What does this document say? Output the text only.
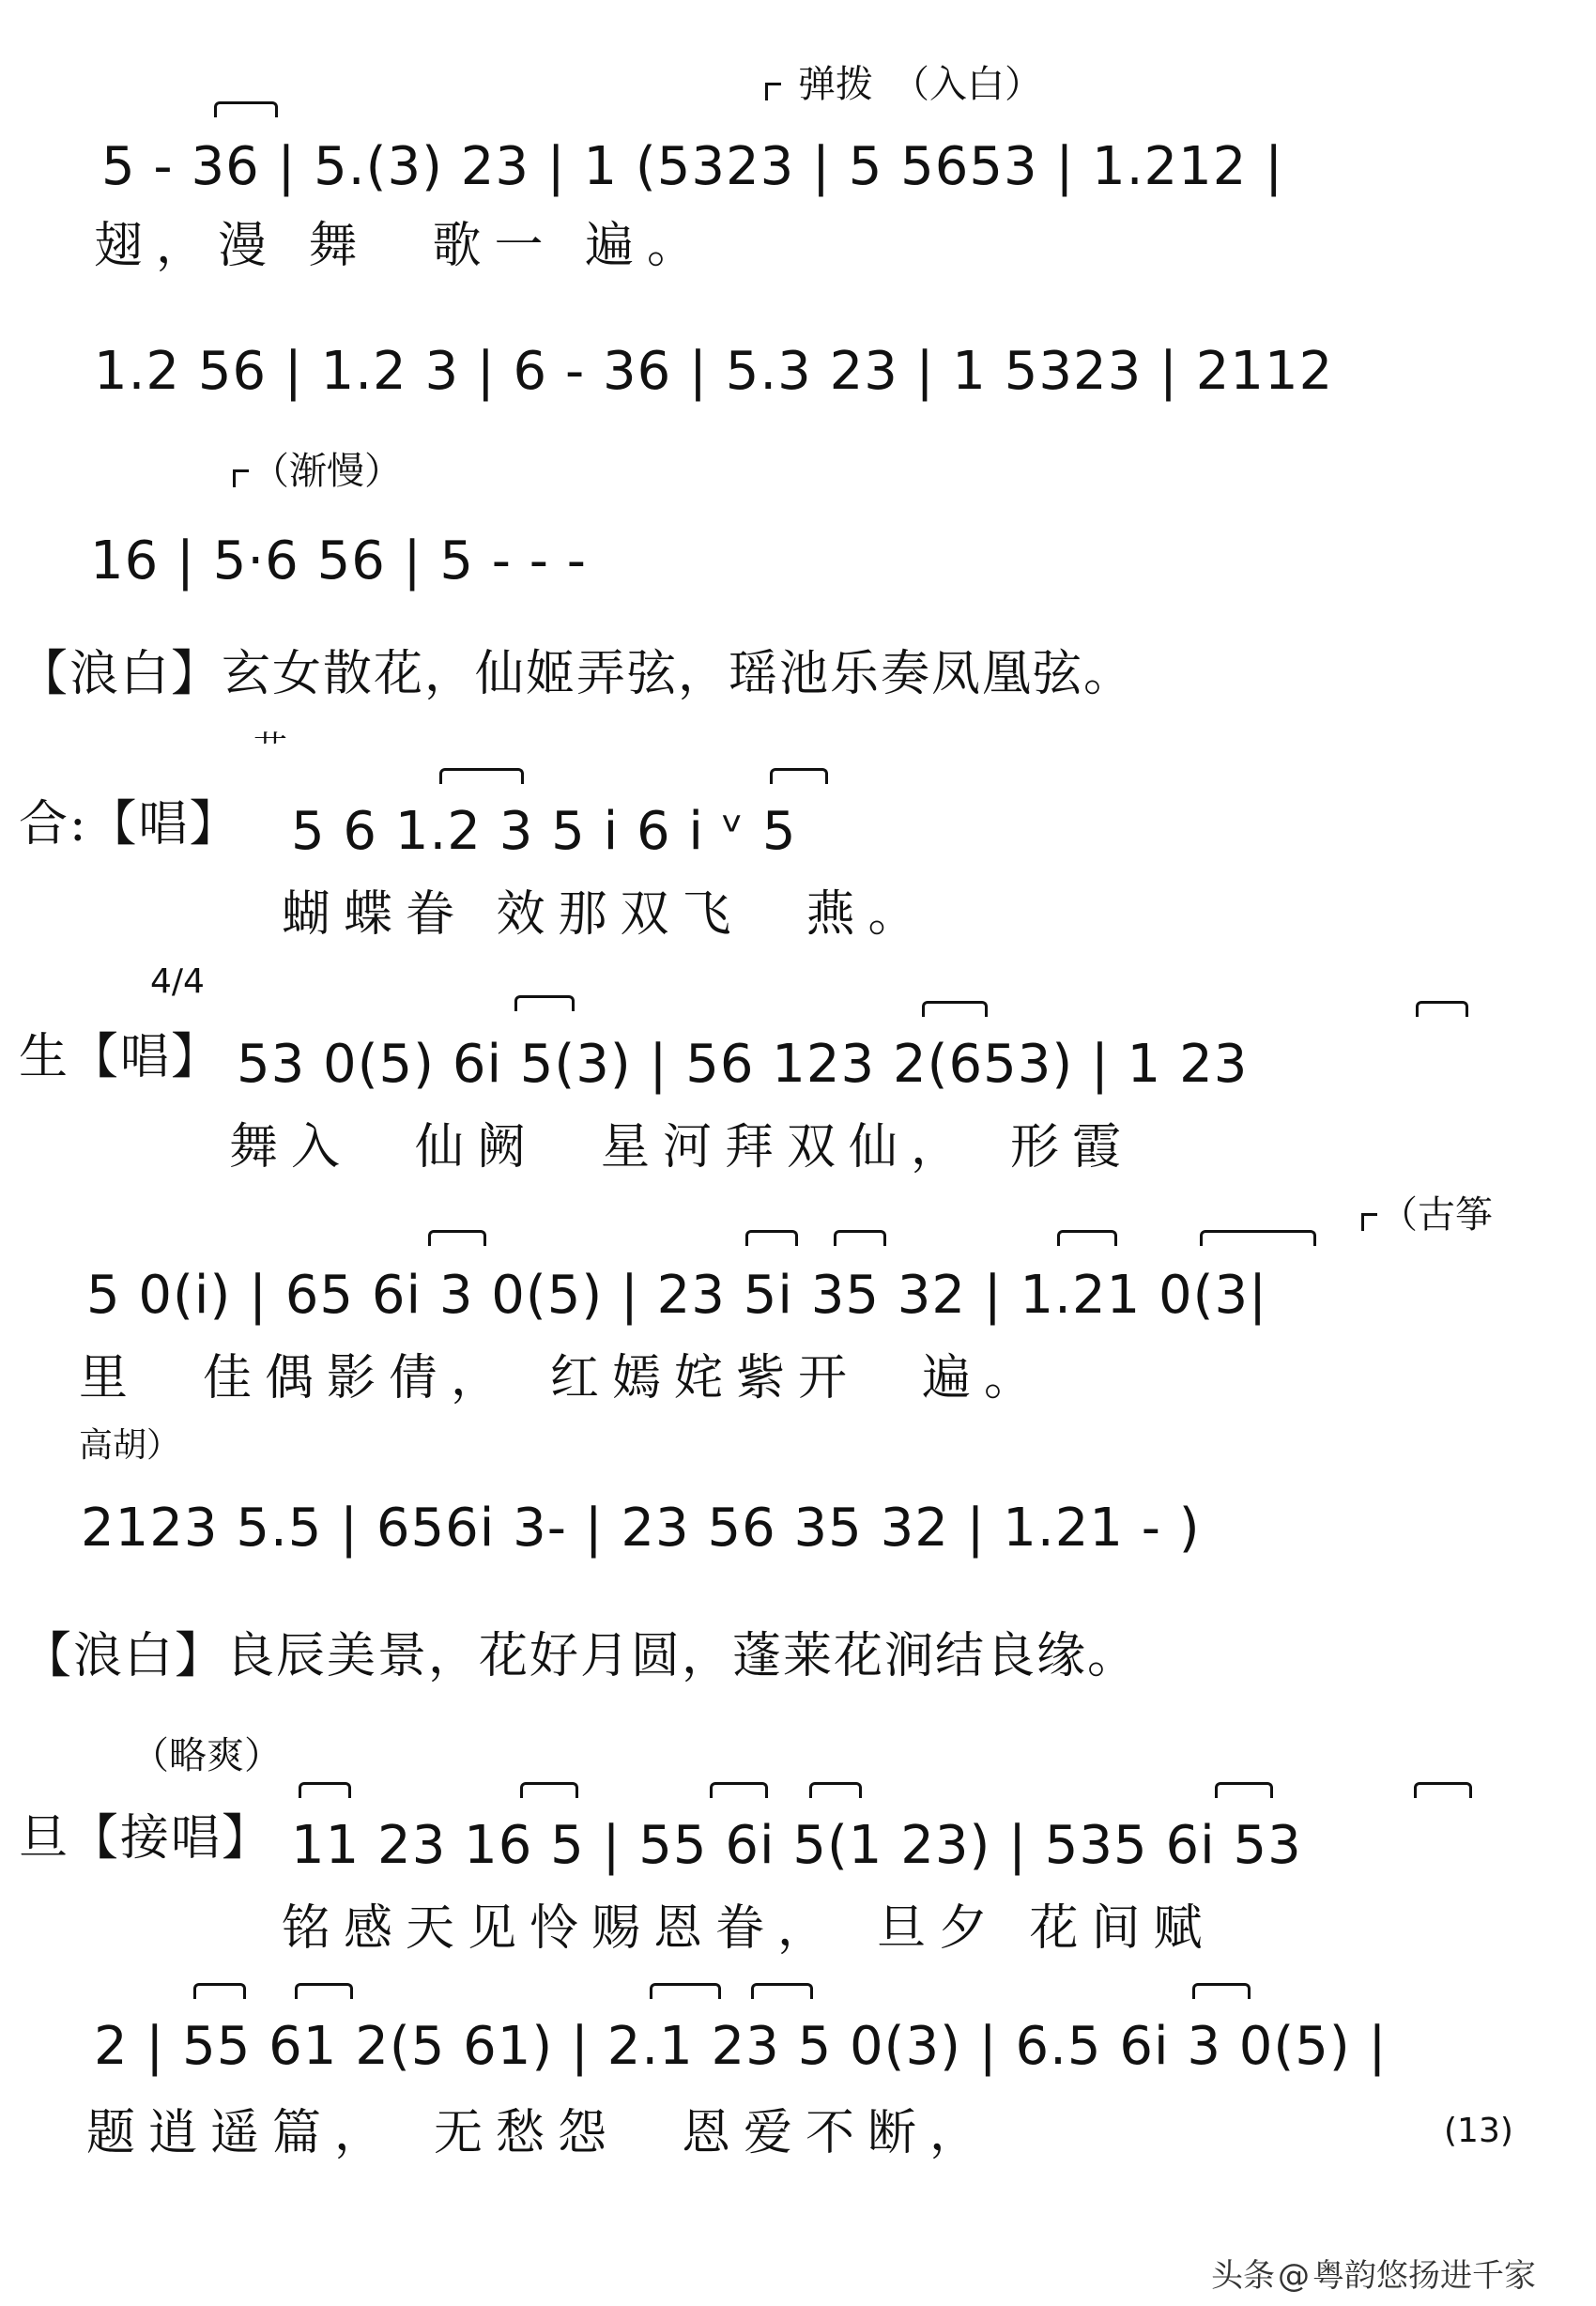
弹拨　（入白）
5 - 36 | 5.(3) 23 | 1 (5323 | 5 5653 | 1.212 |
翅，漫 舞　歌一 遍。
1.2 56 | 1.2 3 | 6 - 36 | 5.3 23 | 1 5323 | 2112
（渐慢）
16 | 5·6 56 | 5 - - -
【浪白】玄女散花，仙姬弄弦，瑶池乐奏凤凰弦。
艹
合:【唱】 5 6 1.2 3 5 i 6 i ᵛ 5
蝴蝶眷 效那双飞　燕。
4/4
生【唱】 53 0(5) 6i 5(3) | 56 123 2(653) | 1 23
舞入　仙阙　星河拜双仙，　形霞
（古筝
5 0(i) | 65 6i 3 0(5) | 23 5i 35 32 | 1.21 0(3|
里　佳偶影倩，　红嫣姹紫开　遍。
高胡）
2123 5.5 | 656i 3- | 23 56 35 32 | 1.21 - )
【浪白】良辰美景，花好月圆，蓬莱花涧结良缘。
（略爽）
旦【接唱】 11 23 16 5 | 55 6i 5(1 23) | 535 6i 53
铭感天见怜赐恩眷，　旦夕 花间赋
2 | 55 61 2(5 61) | 2.1 23 5 0(3) | 6.5 6i 3 0(5) |
题逍遥篇，　无愁怨　恩爱不断，	(13)
头条@粤韵悠扬进千家
